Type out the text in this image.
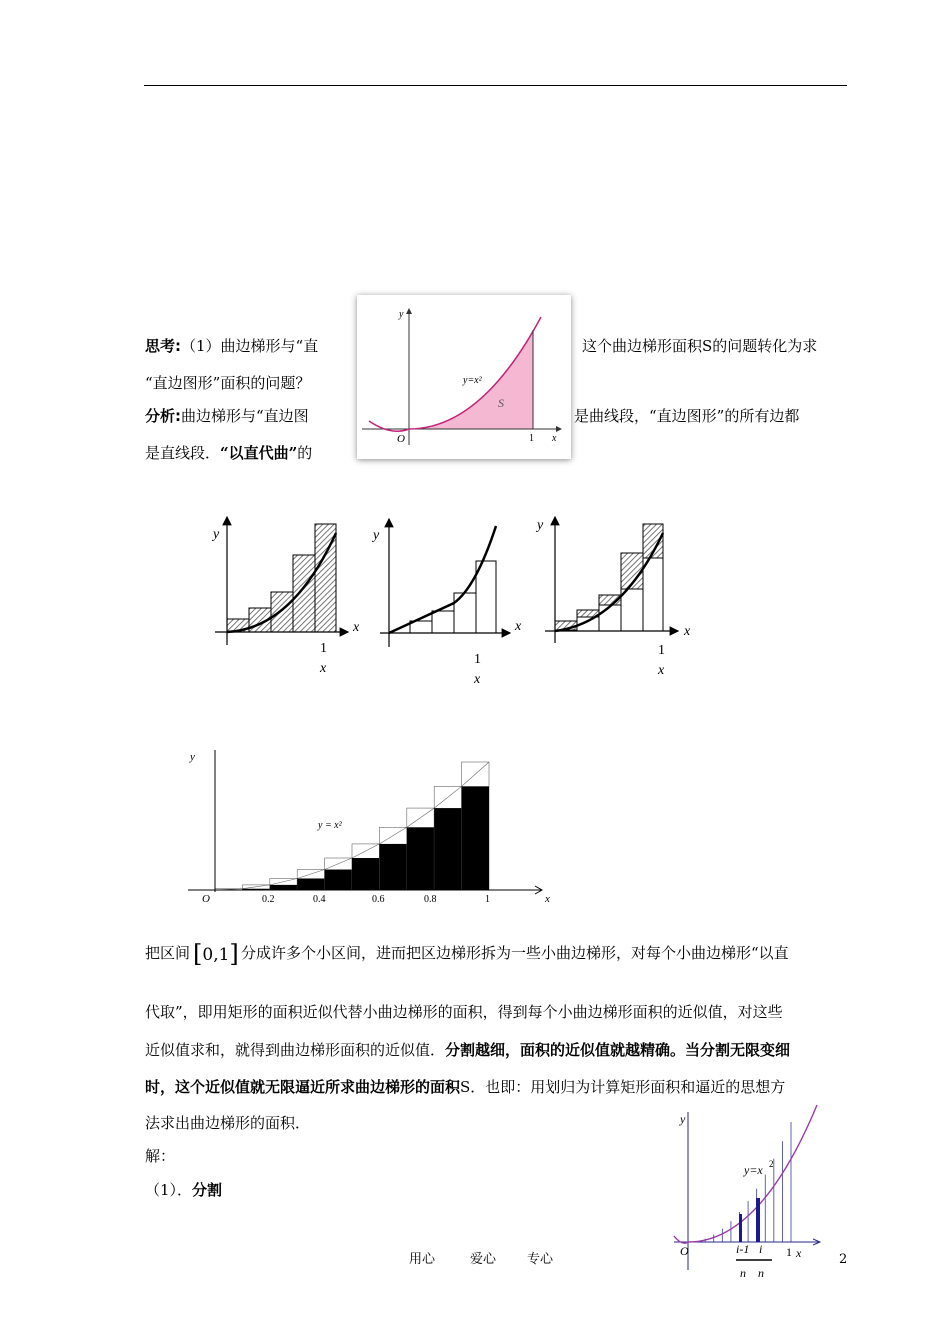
思考:（1）曲边梯形与“直	这个曲边梯形面积S的问题转化为求
“直边图形”面积的问题？
分析:曲边梯形与“直边图	是曲线段，“直边图形”的所有边都
是直线段．“以直代曲”的
y
x
O	1
y=x²
S
y
x
1
x
y
x
1
x
y
x
1
x
y
x
O
y = x²
0.2	0.4	0.6	0.8	1
把区间 [0,1] 分成许多个小区间，进而把区边梯形拆为一些小曲边梯形，对每个小曲边梯形“以直
代取”，即用矩形的面积近似代替小曲边梯形的面积，得到每个小曲边梯形面积的近似值，对这些
近似值求和，就得到曲边梯形面积的近似值．分割越细，面积的近似值就越精确。当分割无限变细
时，这个近似值就无限逼近所求曲边梯形的面积S．也即：用划归为计算矩形面积和逼近的思想方
法求出曲边梯形的面积．
解：
（1）．分割
y
O	1 x
y=x 2
i-1 i
n n
用心	爱心 专心	2
